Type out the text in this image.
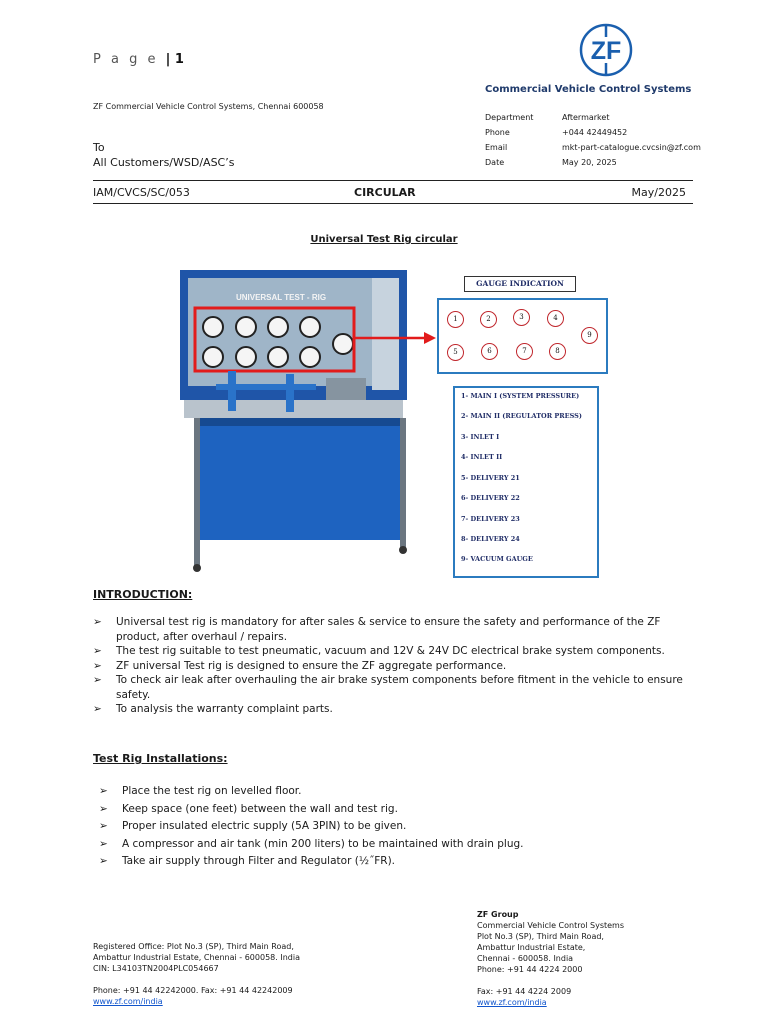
P a g e | 1	ZF
Commercial Vehicle Control Systems
ZF Commercial Vehicle Control Systems, Chennai 600058
Department	Aftermarket
Phone	+044 42449452
Email	mkt-part-catalogue.cvcsin@zf.com
Date	May 20, 2025
To
All Customers/WSD/ASC’s
IAM/CVCS/SC/053	CIRCULAR	May/2025
Universal Test Rig circular
UNIVERSAL TEST - RIG
GAUGE INDICATION
1	2	3	4
5	6	7	8
9
1- MAIN I (SYSTEM PRESSURE)
2- MAIN II (REGULATOR PRESS)
3- INLET I
4- INLET II
5- DELIVERY 21
6- DELIVERY 22
7- DELIVERY 23
8- DELIVERY 24
9- VACUUM GAUGE
INTRODUCTION:
➢ Universal test rig is mandatory for after sales & service to ensure the safety and performance of the ZF product, after overhaul / repairs.
➢ The test rig suitable to test pneumatic, vacuum and 12V & 24V DC electrical brake system components.
➢ ZF universal Test rig is designed to ensure the ZF aggregate performance.
➢ To check air leak after overhauling the air brake system components before fitment in the vehicle to ensure safety.
➢ To analysis the warranty complaint parts.
Test Rig Installations:
➢ Place the test rig on levelled floor.
➢ Keep space (one feet) between the wall and test rig.
➢ Proper insulated electric supply (5A 3PIN) to be given.
➢ A compressor and air tank (min 200 liters) to be maintained with drain plug.
➢ Take air supply through Filter and Regulator (½˝FR).
Registered Office: Plot No.3 (SP), Third Main Road,
Ambattur Industrial Estate, Chennai - 600058. India
CIN: L34103TN2004PLC054667
Phone: +91 44 42242000. Fax: +91 44 42242009
www.zf.com/india
ZF Group
Commercial Vehicle Control Systems
Plot No.3 (SP), Third Main Road,
Ambattur Industrial Estate,
Chennai - 600058. India
Phone: +91 44 4224 2000
Fax: +91 44 4224 2009
www.zf.com/india
